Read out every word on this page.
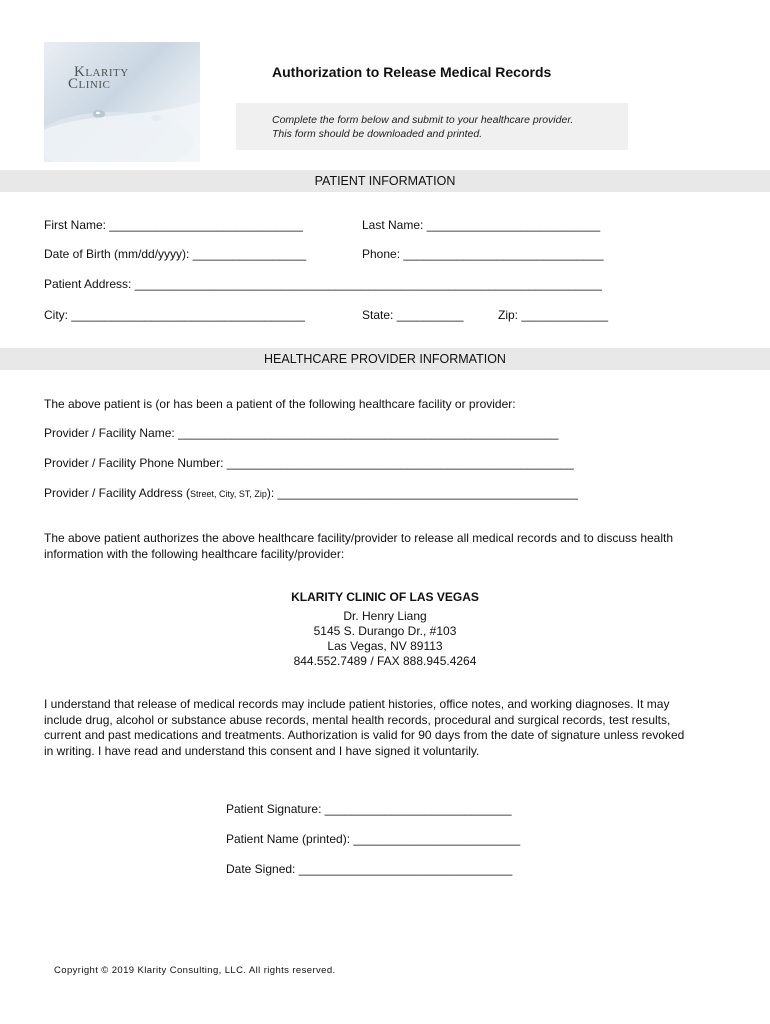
Klarity
Clinic
Authorization to Release Medical Records
Complete the form below and submit to your healthcare provider.
This form should be downloaded and printed.
PATIENT INFORMATION
First Name: _____________________________	Last Name: __________________________
Date of Birth (mm/dd/yyyy): _________________	Phone: ______________________________
Patient Address: ______________________________________________________________________
City: ___________________________________	State: __________	Zip: _____________
HEALTHCARE PROVIDER INFORMATION
The above patient is (or has been a patient of the following healthcare facility or provider:
Provider / Facility Name: _________________________________________________________
Provider / Facility Phone Number: ____________________________________________________
Provider / Facility Address (Street, City, ST, Zip): _____________________________________________
The above patient authorizes the above healthcare facility/provider to release all medical records and to discuss health
information with the following healthcare facility/provider:
KLARITY CLINIC OF LAS VEGAS
Dr. Henry Liang
5145 S. Durango Dr., #103
Las Vegas, NV 89113
844.552.7489 / FAX 888.945.4264
I understand that release of medical records may include patient histories, office notes, and working diagnoses. It may
include drug, alcohol or substance abuse records, mental health records, procedural and surgical records, test results,
current and past medications and treatments. Authorization is valid for 90 days from the date of signature unless revoked
in writing. I have read and understand this consent and I have signed it voluntarily.
Patient Signature: ____________________________
Patient Name (printed): _________________________
Date Signed: ________________________________
Copyright © 2019 Klarity Consulting, LLC. All rights reserved.
